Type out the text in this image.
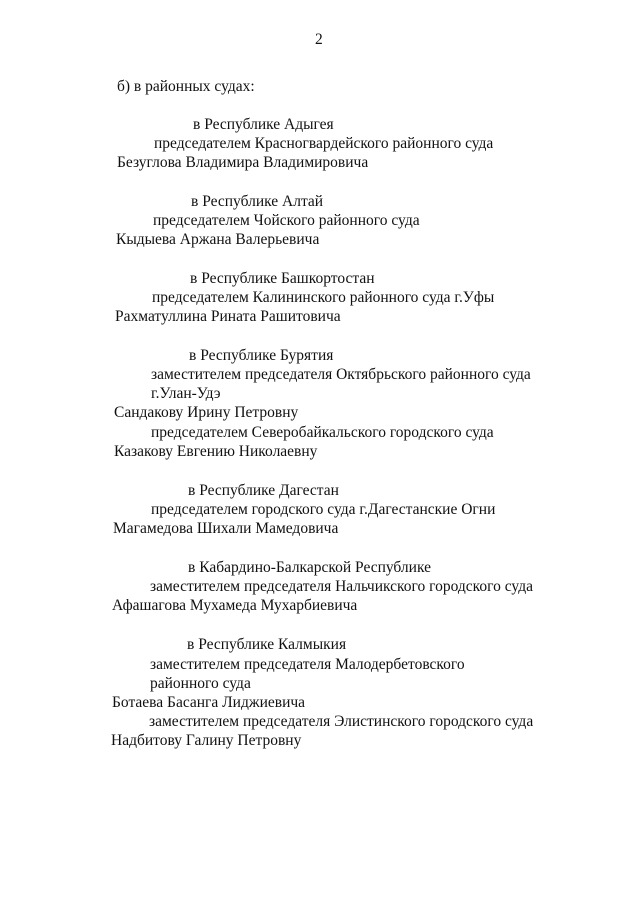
2
б) в районных судах:
в Республике Адыгея
председателем Красногвардейского районного суда
Безуглова Владимира Владимировича
в Республике Алтай
председателем Чойского районного суда
Кыдыева Аржана Валерьевича
в Республике Башкортостан
председателем Калининского районного суда г.Уфы
Рахматуллина Рината Рашитовича
в Республике Бурятия
заместителем председателя Октябрьского районного суда
г.Улан-Удэ
Сандакову Ирину Петровну
председателем Северобайкальского городского суда
Казакову Евгению Николаевну
в Республике Дагестан
председателем городского суда г.Дагестанские Огни
Магамедова Шихали Мамедовича
в Кабардино-Балкарской Республике
заместителем председателя Нальчикского городского суда
Афашагова Мухамеда Мухарбиевича
в Республике Калмыкия
заместителем председателя Малодербетовского
районного суда
Ботаева Басанга Лиджиевича
заместителем председателя Элистинского городского суда
Надбитову Галину Петровну
